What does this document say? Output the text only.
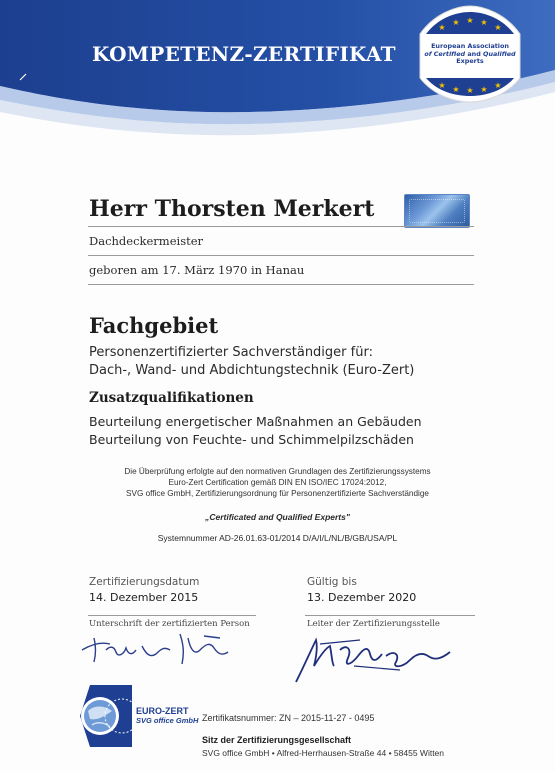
KOMPETENZ-ZERTIFIKAT
★
★ ★ ★
★
★ ★ ★ ★ ★
European Association
of Certified and Qualified
Experts
Herr Thorsten Merkert
Dachdeckermeister
geboren am 17. März 1970 in Hanau
Fachgebiet
Personenzertifizierter Sachverständiger für:
Dach-, Wand- und Abdichtungstechnik (Euro-Zert)
Zusatzqualifikationen
Beurteilung energetischer Maßnahmen an Gebäuden
Beurteilung von Feuchte- und Schimmelpilzschäden
Die Überprüfung erfolgte auf den normativen Grundlagen des Zertifizierungssystems
Euro-Zert Certification gemäß DIN EN ISO/IEC 17024:2012,
SVG office GmbH, Zertifizierungsordnung für Personenzertifizierte Sachverständige
„Certificated and Qualified Experts"
Systemnummer AD-26.01.63-01/2014 D/A/I/L/NL/B/GB/USA/PL
Zertifizierungsdatum
14. Dezember 2015
Gültig bis
13. Dezember 2020
Unterschrift der zertifizierten Person	Leiter der Zertifizierungsstelle
EURO-ZERT
SVG office GmbH Zertifikatsnummer: ZN – 2015-11-27 - 0495
Sitz der Zertifizierungsgesellschaft
SVG office GmbH • Alfred-Herrhausen-Straße 44 • 58455 Witten
